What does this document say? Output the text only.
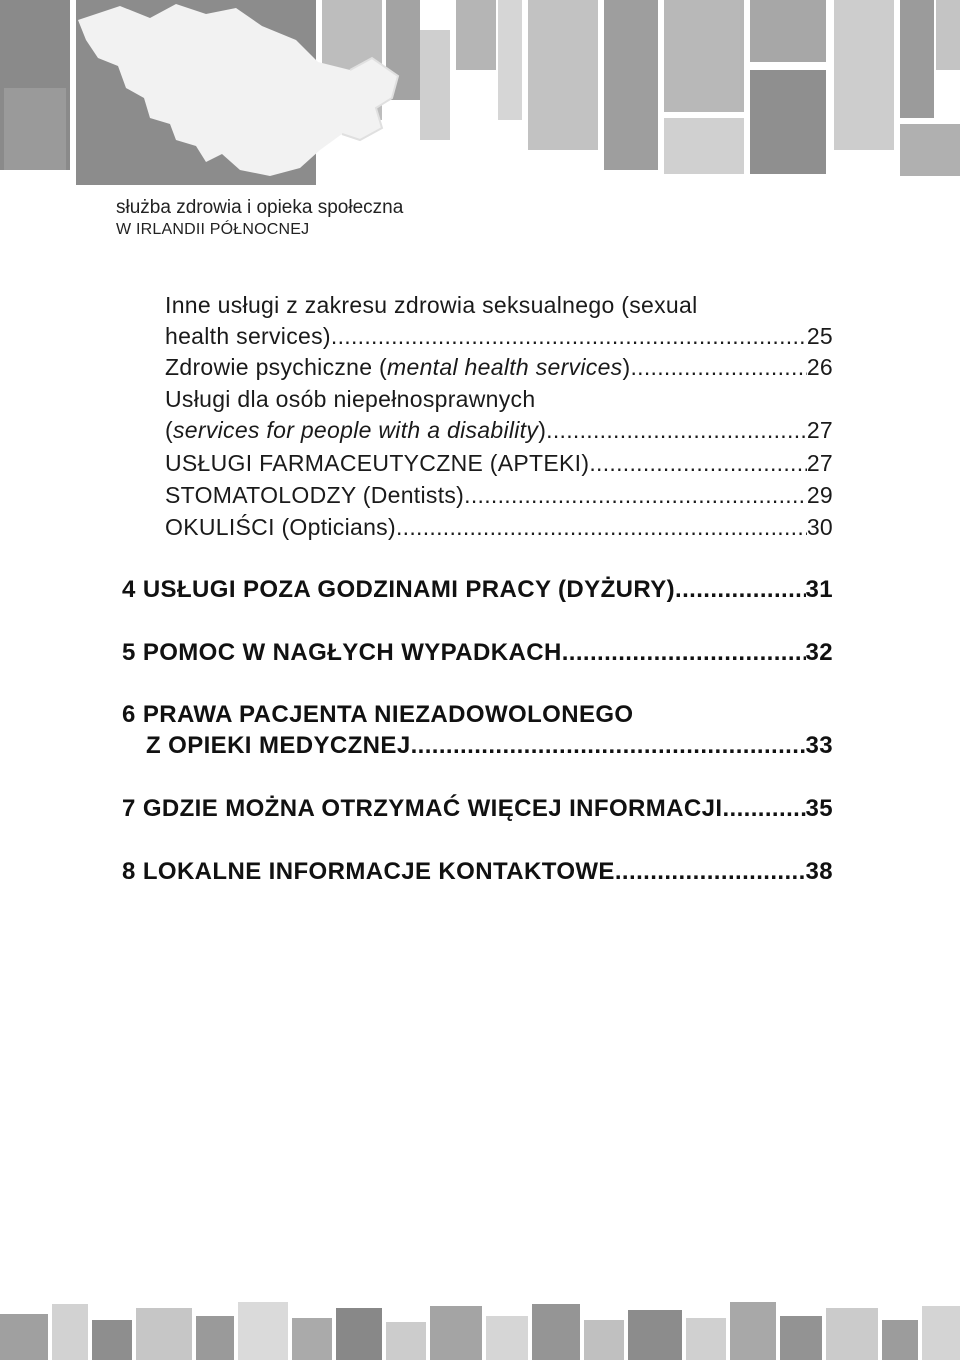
służba zdrowia i opieka społeczna
W IRLANDII PÓŁNOCNEJ
Inne usługi z zakresu zdrowia seksualnego (sexual
health services) .....	25
Zdrowie psychiczne (mental health services) .....	26
Usługi dla osób niepełnosprawnych
(services for people with a disability) .....	27
USŁUGI FARMACEUTYCZNE (APTEKI) .....	27
STOMATOLODZY (Dentists) .....	29
OKULIŚCI (Opticians) .....	30
4 USŁUGI POZA GODZINAMI PRACY (DYŻURY) .....	31
5 POMOC W NAGŁYCH WYPADKACH .....	32
6 PRAWA PACJENTA NIEZADOWOLONEGO
Z OPIEKI MEDYCZNEJ .....	33
7 GDZIE MOŻNA OTRZYMAĆ WIĘCEJ INFORMACJI .....	35
8 LOKALNE INFORMACJE KONTAKTOWE .....	38
